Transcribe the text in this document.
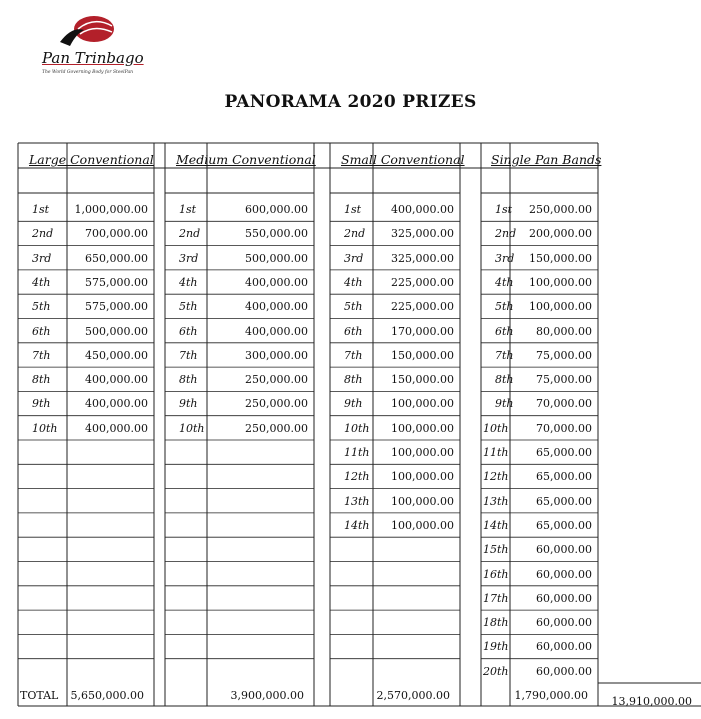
Pan Trinbago
The World Governing Body for SteelPan
PANORAMA 2020 PRIZES
Large Conventional
1st	1,000,000.00
2nd	700,000.00
3rd	650,000.00
4th	575,000.00
5th	575,000.00
6th	500,000.00
7th	450,000.00
8th	400,000.00
9th	400,000.00
10th	400,000.00
5,650,000.00
Medium Conventional
1st	600,000.00
2nd	550,000.00
3rd	500,000.00
4th	400,000.00
5th	400,000.00
6th	400,000.00
7th	300,000.00
8th	250,000.00
9th	250,000.00
10th	250,000.00
3,900,000.00
Small Conventional
1st	400,000.00
2nd	325,000.00
3rd	325,000.00
4th	225,000.00
5th	225,000.00
6th	170,000.00
7th	150,000.00
8th	150,000.00
9th	100,000.00
10th	100,000.00
11th	100,000.00
12th	100,000.00
13th	100,000.00
14th	100,000.00
2,570,000.00
Single Pan Bands
1st	250,000.00
2nd	200,000.00
3rd	150,000.00
4th	100,000.00
5th	100,000.00
6th	80,000.00
7th	75,000.00
8th	75,000.00
9th	70,000.00
10th	70,000.00
11th	65,000.00
12th	65,000.00
13th	65,000.00
14th	65,000.00
15th	60,000.00
16th	60,000.00
17th	60,000.00
18th	60,000.00
19th	60,000.00
20th	60,000.00
1,790,000.00
TOTAL	13,910,000.00
